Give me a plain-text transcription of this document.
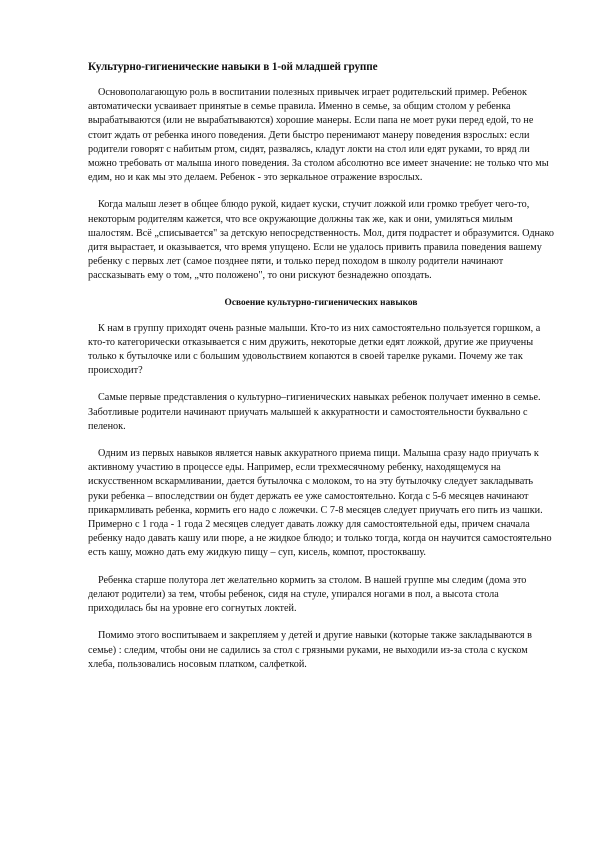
Культурно-гигиенические навыки в 1-ой младшей группе

Основополагающую роль в воспитании полезных привычек играет родительский пример. Ребенок автоматически усваивает принятые в семье правила. Именно в семье, за общим столом у ребенка вырабатываются (или не вырабатываются) хорошие манеры. Если папа не моет руки перед едой, то не стоит ждать от ребенка иного поведения. Дети быстро перенимают манеру поведения взрослых: если родители говорят с набитым ртом, сидят, развалясь, кладут локти на стол или едят руками, то вряд ли можно требовать от малыша иного поведения. За столом абсолютно все имеет значение: не только что мы едим, но и как мы это делаем. Ребенок - это зеркальное отражение взрослых.

Когда малыш лезет в общее блюдо рукой, кидает куски, стучит ложкой или громко требует чего-то, некоторым родителям кажется, что все окружающие должны так же, как и они, умиляться милым шалостям. Всё „списывается" за детскую непосредственность. Мол, дитя подрастет и образумится. Однако дитя вырастает, и оказывается, что время упущено. Если не удалось привить правила поведения вашему ребенку с первых лет (самое позднее пяти, и только перед походом в школу родители начинают рассказывать ему о том, „что положено", то они рискуют безнадежно опоздать.

Освоение культурно-гигиенических навыков

К нам в группу приходят очень разные малыши. Кто-то из них самостоятельно пользуется горшком, а кто-то категорически отказывается с ним дружить, некоторые детки едят ложкой, другие же приучены только к бутылочке или с большим удовольствием копаются в своей тарелке руками. Почему же так происходит?

Самые первые представления о культурно–гигиенических навыках ребенок получает именно в семье. Заботливые родители начинают приучать малышей к аккуратности и самостоятельности буквально с пеленок.

Одним из первых навыков является навык аккуратного приема пищи. Малыша сразу надо приучать к активному участию в процессе еды. Например, если трехмесячному ребенку, находящемуся на искусственном вскармливании, дается бутылочка с молоком, то на эту бутылочку следует закладывать руки ребенка – впоследствии он будет держать ее уже самостоятельно. Когда с 5-6 месяцев начинают прикармливать ребенка, кормить его надо с ложечки. С 7-8 месяцев следует приучать его пить из чашки. Примерно с 1 года - 1 года 2 месяцев следует давать ложку для самостоятельной еды, причем сначала ребенку надо давать кашу или пюре, а не жидкое блюдо; и только тогда, когда он научится самостоятельно есть кашу, можно дать ему жидкую пищу – суп, кисель, компот, простоквашу.

Ребенка старше полутора лет желательно кормить за столом. В нашей группе мы следим (дома это делают родители) за тем, чтобы ребенок, сидя на стуле, упирался ногами в пол, а высота стола приходилась бы на уровне его согнутых локтей.

Помимо этого воспитываем и закрепляем у детей и другие навыки (которые также закладываются в семье) : следим, чтобы они не садились за стол с грязными руками, не выходили из-за стола с куском хлеба, пользовались носовым платком, салфеткой.
